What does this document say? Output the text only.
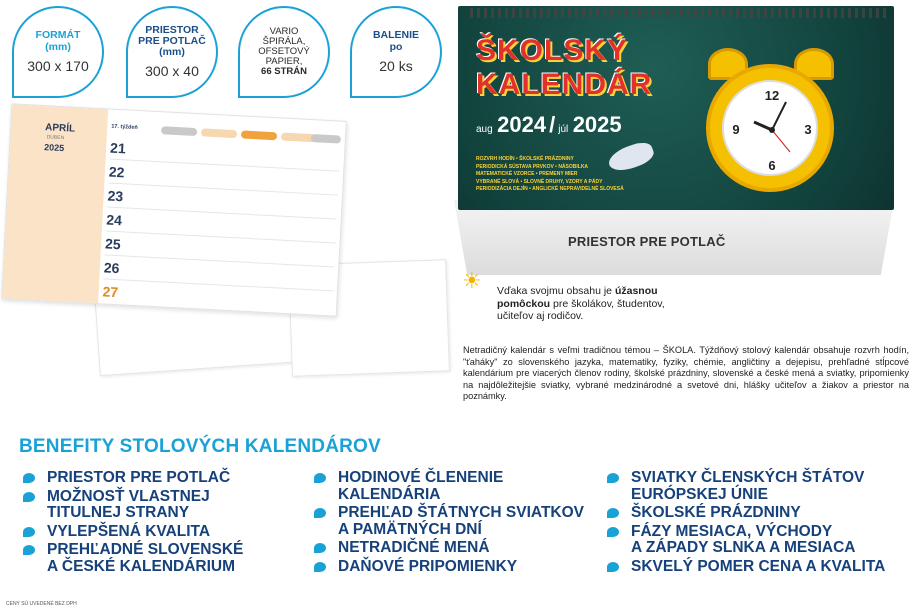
FORMÁT
(mm)
300 x 170
PRIESTOR
PRE POTLAČ
(mm)
300 x 40
VARIO
ŠPIRÁLA,
OFSETOVÝ
PAPIER,
66 STRÁN
BALENIE
po
20 ks
PRIESTOR PRE POTLAČ
ŠKOLSKÝ
KALENDÁR
aug 2024 / júl 2025
ROZVRH HODÍN • ŠKOLSKÉ PRÁZDNINY
PERIODICKÁ SÚSTAVA PRVKOV • NÁSOBILKA
MATEMATICKÉ VZORCE • PREMENY MIER
VYBRANÉ SLOVÁ • SLOVNÉ DRUHY, VZORY A PÁDY
PERIODIZÁCIA DEJÍN • ANGLICKÉ NEPRAVIDELNÉ SLOVESÁ
12
3
6
9
APRÍL
DUBEN
2025
17. týždeň
21
22
23
24
25
26
27	☀ Vďaka svojmu obsahu je úžasnou pomôckou pre školákov, študentov, učiteľov aj rodičov.
Netradičný kalendár s veľmi tradičnou témou – ŠKOLA. Týždňový stolový kalendár obsahuje rozvrh hodín, "ťaháky" zo slovenského jazyka, matematiky, fyziky, chémie, angličtiny a dejepisu, prehľadné stĺpcové kalendárium pre viacerých členov rodiny, školské prázdniny, slovenské a české mená a sviatky, pripomienky na najdôležitejšie sviatky, vybrané medzinárodné a svetové dni, hlášky učiteľov a žiakov a priestor na poznámky.
BENEFITY STOLOVÝCH KALENDÁROV
PRIESTOR PRE POTLAČ
MOŽNOSŤ VLASTNEJ
TITULNEJ STRANY
VYLEPŠENÁ KVALITA
PREHĽADNÉ SLOVENSKÉ
A ČESKÉ KALENDÁRIUM
HODINOVÉ ČLENENIE
KALENDÁRIA
PREHĽAD ŠTÁTNYCH SVIATKOV
A PAMÄTNÝCH DNÍ
NETRADIČNÉ MENÁ
DAŇOVÉ PRIPOMIENKY
SVIATKY ČLENSKÝCH ŠTÁTOV
EURÓPSKEJ ÚNIE
ŠKOLSKÉ PRÁZDNINY
FÁZY MESIACA, VÝCHODY
A ZÁPADY SLNKA A MESIACA
SKVELÝ POMER CENA A KVALITA
CENY SÚ UVEDENÉ BEZ DPH
